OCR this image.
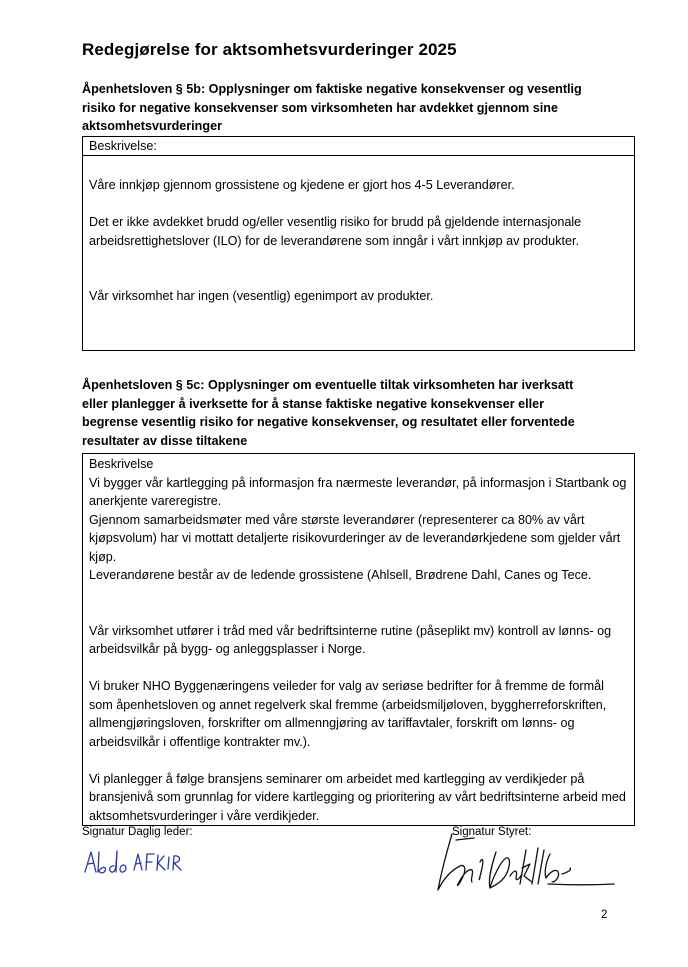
Redegjørelse for aktsomhetsvurderinger 2025

Åpenhetsloven § 5b: Opplysninger om faktiske negative konsekvenser og vesentlig risiko for negative konsekvenser som virksomheten har avdekket gjennom sine aktsomhetsvurderinger

Beskrivelse:

Våre innkjøp gjennom grossistene og kjedene er gjort hos 4-5 Leverandører.

Det er ikke avdekket brudd og/eller vesentlig risiko for brudd på gjeldende internasjonale arbeidsrettighetslover (ILO) for de leverandørene som inngår i vårt innkjøp av produkter.

Vår virksomhet har ingen (vesentlig) egenimport av produkter.

Åpenhetsloven § 5c: Opplysninger om eventuelle tiltak virksomheten har iverksatt eller planlegger å iverksette for å stanse faktiske negative konsekvenser eller begrense vesentlig risiko for negative konsekvenser, og resultatet eller forventede resultater av disse tiltakene

Beskrivelse

Vi bygger vår kartlegging på informasjon fra nærmeste leverandør, på informasjon i Startbank og anerkjente vareregistre.

Gjennom samarbeidsmøter med våre største leverandører (representerer ca 80% av vårt kjøpsvolum) har vi mottatt detaljerte risikovurderinger av de leverandørkjedene som gjelder vårt kjøp.

Leverandørene består av de ledende grossistene (Ahlsell, Brødrene Dahl, Canes og Tece.

Vår virksomhet utfører i tråd med vår bedriftsinterne rutine (påseplikt mv) kontroll av lønns- og arbeidsvilkår på bygg- og anleggsplasser i Norge.

Vi bruker NHO Byggenæringens veileder for valg av seriøse bedrifter for å fremme de formål som åpenhetsloven og annet regelverk skal fremme (arbeidsmiljøloven, byggherreforskriften, allmengjøringsloven, forskrifter om allmenngjøring av tariffavtaler, forskrift om lønns- og arbeidsvilkår i offentlige kontrakter mv.).

Vi planlegger å følge bransjens seminarer om arbeidet med kartlegging av verdikjeder på bransjenivå som grunnlag for videre kartlegging og prioritering av vårt bedriftsinterne arbeid med aktsomhetsvurderinger i våre verdikjeder.

Signatur Daglig leder:	Signatur Styret:
2
